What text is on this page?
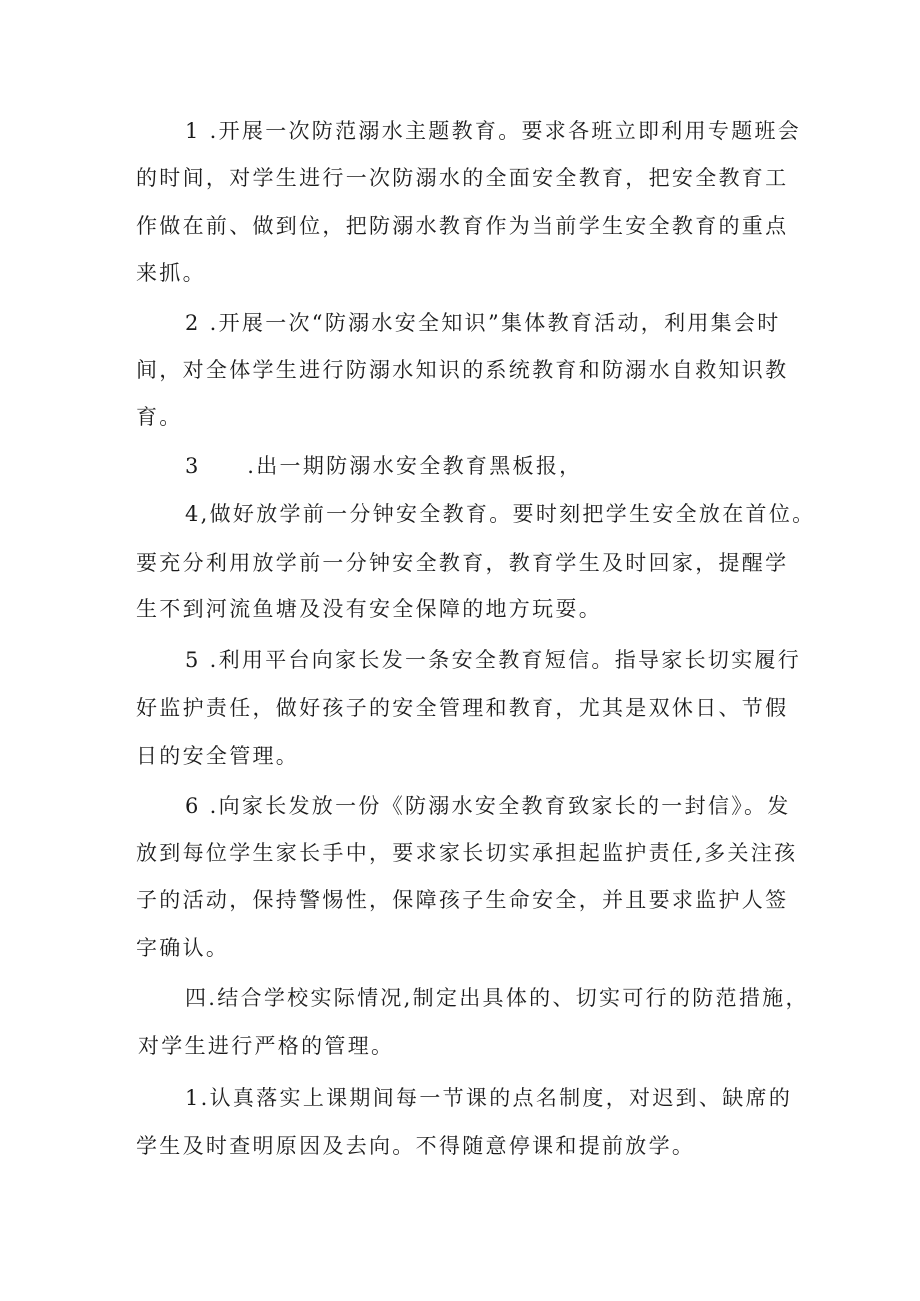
1 .开展一次防范溺水主题教育。要求各班立即利用专题班会
的时间，对学生进行一次防溺水的全面安全教育，把安全教育工
作做在前、做到位，把防溺水教育作为当前学生安全教育的重点
来抓。
2 .开展一次“防溺水安全知识”集体教育活动，利用集会时
间，对全体学生进行防溺水知识的系统教育和防溺水自救知识教
育。
3　　.出一期防溺水安全教育黑板报，
4,做好放学前一分钟安全教育。要时刻把学生安全放在首位。
要充分利用放学前一分钟安全教育，教育学生及时回家，提醒学
生不到河流鱼塘及没有安全保障的地方玩耍。
5 .利用平台向家长发一条安全教育短信。指导家长切实履行
好监护责任，做好孩子的安全管理和教育，尤其是双休日、节假
日的安全管理。
6 .向家长发放一份《防溺水安全教育致家长的一封信》。发
放到每位学生家长手中，要求家长切实承担起监护责任,多关注孩
子的活动，保持警惕性，保障孩子生命安全，并且要求监护人签
字确认。
四.结合学校实际情况,制定出具体的、切实可行的防范措施，
对学生进行严格的管理。
1.认真落实上课期间每一节课的点名制度，对迟到、缺席的
学生及时查明原因及去向。不得随意停课和提前放学。
